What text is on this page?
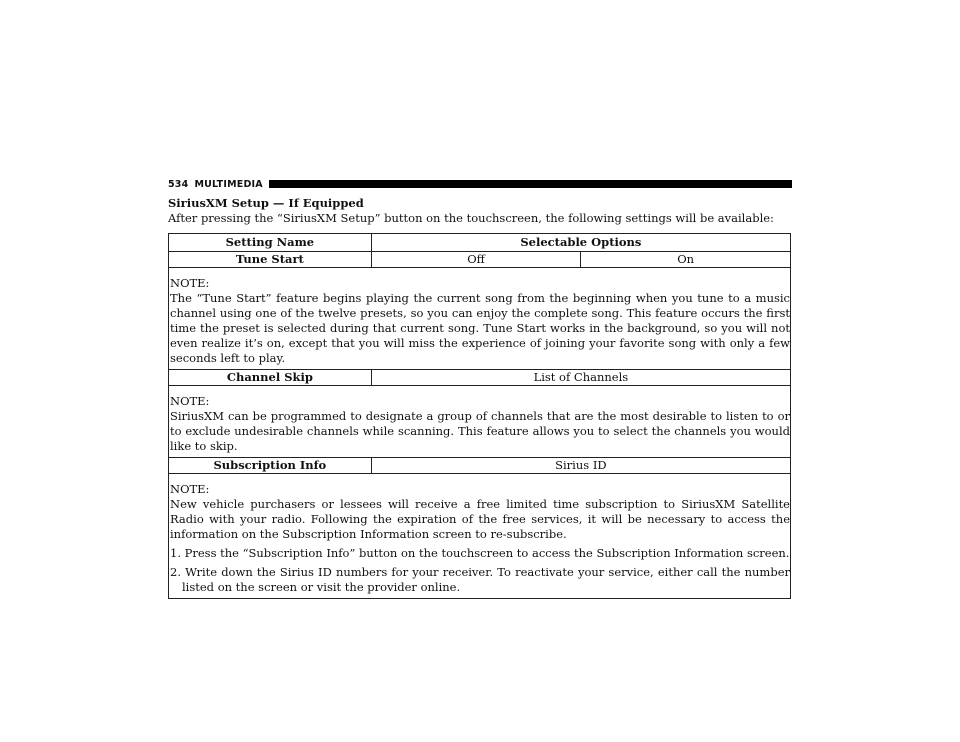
534 MULTIMEDIA
SiriusXM Setup — If Equipped
After pressing the “SiriusXM Setup” button on the touchscreen, the following settings will be available:
Setting Name	Selectable Options	
Tune Start	Off	On

NOTE:
The “Tune Start” feature begins playing the current song from the beginning when you tune to a music channel using one of the twelve presets, so you can enjoy the complete song. This feature occurs the first time the preset is selected during that current song. Tune Start works in the background, so you will not even realize it’s on, except that you will miss the experience of joining your favorite song with only a few seconds left to play.		

Channel Skip	List of Channels	

NOTE:
SiriusXM can be programmed to designate a group of channels that are the most desirable to listen to or to exclude undesirable channels while scanning. This feature allows you to select the channels you would like to skip.		

Subscription Info	Sirius ID	

NOTE:
New vehicle purchasers or lessees will receive a free limited time subscription to SiriusXM Satellite Radio with your radio. Following the expiration of the free services, it will be necessary to access the information on the Subscription Information screen to re-subscribe.
1. Press the “Subscription Info” button on the touchscreen to access the Subscription Information screen.
2. Write down the Sirius ID numbers for your receiver. To reactivate your service, either call the number listed on the screen or visit the provider online.		
